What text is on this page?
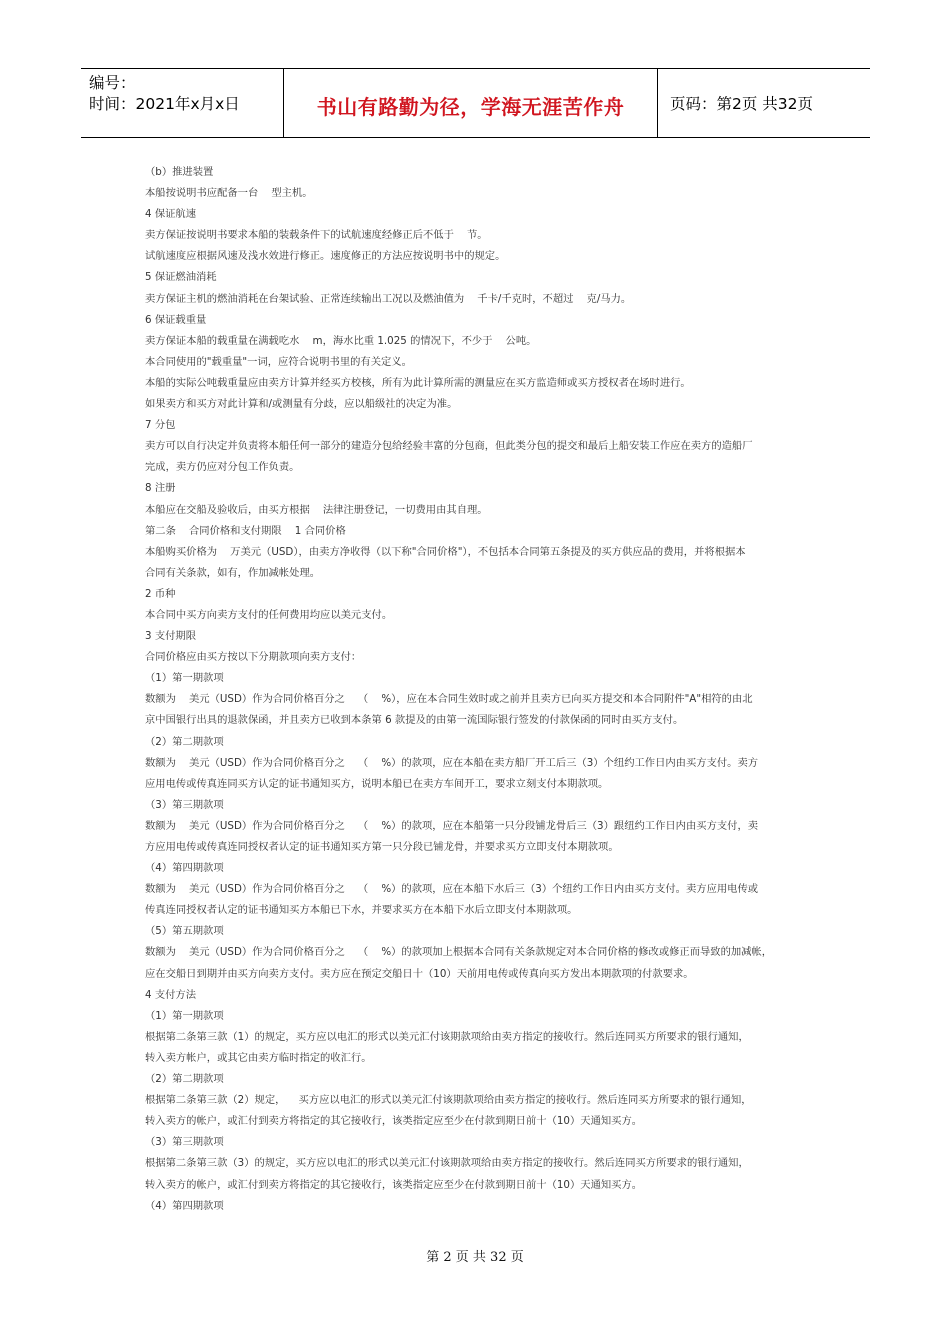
编号：
时间：2021年x月x日	书山有路勤为径，学海无涯苦作舟	页码：第2页 共32页

（b）推进装置

本船按说明书应配备一台    型主机。

4 保证航速

卖方保证按说明书要求本船的装载条件下的试航速度经修正后不低于    节。

试航速度应根据风速及浅水效进行修正。速度修正的方法应按说明书中的规定。

5 保证燃油消耗

卖方保证主机的燃油消耗在台架试验、正常连续输出工况以及燃油值为    千卡/千克时，不超过    克/马力。

6 保证载重量

卖方保证本船的载重量在满载吃水    m，海水比重 1.025 的情况下，不少于    公吨。

本合同使用的"载重量"一词，应符合说明书里的有关定义。

本船的实际公吨载重量应由卖方计算并经买方校核，所有为此计算所需的测量应在买方监造师或买方授权者在场时进行。

如果卖方和买方对此计算和/或测量有分歧，应以船级社的决定为准。

7 分包

卖方可以自行决定并负责将本船任何一部分的建造分包给经验丰富的分包商，但此类分包的提交和最后上船安装工作应在卖方的造船厂

完成，卖方仍应对分包工作负责。

8 注册

本船应在交船及验收后，由买方根据    法律注册登记，一切费用由其自理。

第二条    合同价格和支付期限    1 合同价格

本船购买价格为    万美元（USD），由卖方净收得（以下称"合同价格"），不包括本合同第五条提及的买方供应品的费用，并将根据本

合同有关条款，如有，作加减帐处理。

2 币种

本合同中买方向卖方支付的任何费用均应以美元支付。

3 支付期限

合同价格应由买方按以下分期款项向卖方支付：

（1）第一期款项

数额为    美元（USD）作为合同价格百分之    （    %），应在本合同生效时或之前并且卖方已向买方提交和本合同附件"A"相符的由北

京中国银行出具的退款保函，并且卖方已收到本条第 6 款提及的由第一流国际银行签发的付款保函的同时由买方支付。

（2）第二期款项

数额为    美元（USD）作为合同价格百分之    （    %）的款项，应在本船在卖方船厂开工后三（3）个纽约工作日内由买方支付。卖方

应用电传或传真连同买方认定的证书通知买方，说明本船已在卖方车间开工，要求立刻支付本期款项。

（3）第三期款项

数额为    美元（USD）作为合同价格百分之    （    %）的款项，应在本船第一只分段铺龙骨后三（3）跟纽约工作日内由买方支付，卖

方应用电传或传真连同授权者认定的证书通知买方第一只分段已铺龙骨，并要求买方立即支付本期款项。

（4）第四期款项

数额为    美元（USD）作为合同价格百分之    （    %）的款项，应在本船下水后三（3）个纽约工作日内由买方支付。卖方应用电传或

传真连同授权者认定的证书通知买方本船已下水，并要求买方在本船下水后立即支付本期款项。

（5）第五期款项

数额为    美元（USD）作为合同价格百分之    （    %）的款项加上根据本合同有关条款规定对本合同价格的修改或修正而导致的加减帐，

应在交船日到期并由买方向卖方支付。卖方应在预定交船日十（10）天前用电传或传真向买方发出本期款项的付款要求。

4 支付方法

（1）第一期款项

根据第二条第三款（1）的规定，买方应以电汇的形式以美元汇付该期款项给由卖方指定的接收行。然后连同买方所要求的银行通知，

转入卖方帐户，或其它由卖方临时指定的收汇行。

（2）第二期款项

根据第二条第三款（2）规定，    买方应以电汇的形式以美元汇付该期款项给由卖方指定的接收行。然后连同买方所要求的银行通知，

转入卖方的帐户，或汇付到卖方将指定的其它接收行，该类指定应至少在付款到期日前十（10）天通知买方。

（3）第三期款项

根据第二条第三款（3）的规定，买方应以电汇的形式以美元汇付该期款项给由卖方指定的接收行。然后连同买方所要求的银行通知，

转入卖方的帐户，或汇付到卖方将指定的其它接收行，该类指定应至少在付款到期日前十（10）天通知买方。

（4）第四期款项

第 2 页 共 32 页
